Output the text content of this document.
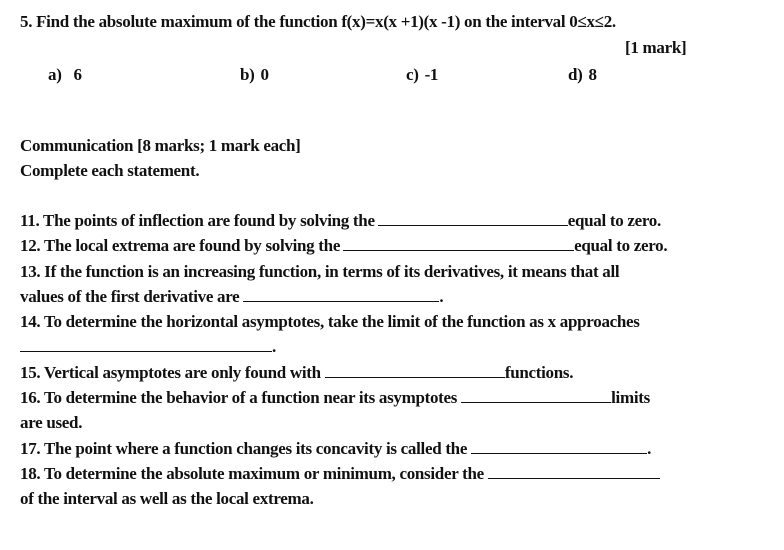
5. Find the absolute maximum of the function f(x)=x(x +1)(x -1) on the interval 0≤x≤2.
[1 mark]
a) 6	b) 0	c) -1	d) 8
Communication [8 marks; 1 mark each]
Complete each statement.
11. The points of inflection are found by solving the	equal to zero.
12. The local extrema are found by solving the	equal to zero.
13. If the function is an increasing function, in terms of its derivatives, it means that all
values of the first derivative are	.
14. To determine the horizontal asymptotes, take the limit of the function as x approaches
.
15. Vertical asymptotes are only found with	functions.
16. To determine the behavior of a function near its asymptotes	limits
are used.
17. The point where a function changes its concavity is called the	.
18. To determine the absolute maximum or minimum, consider the
of the interval as well as the local extrema.
